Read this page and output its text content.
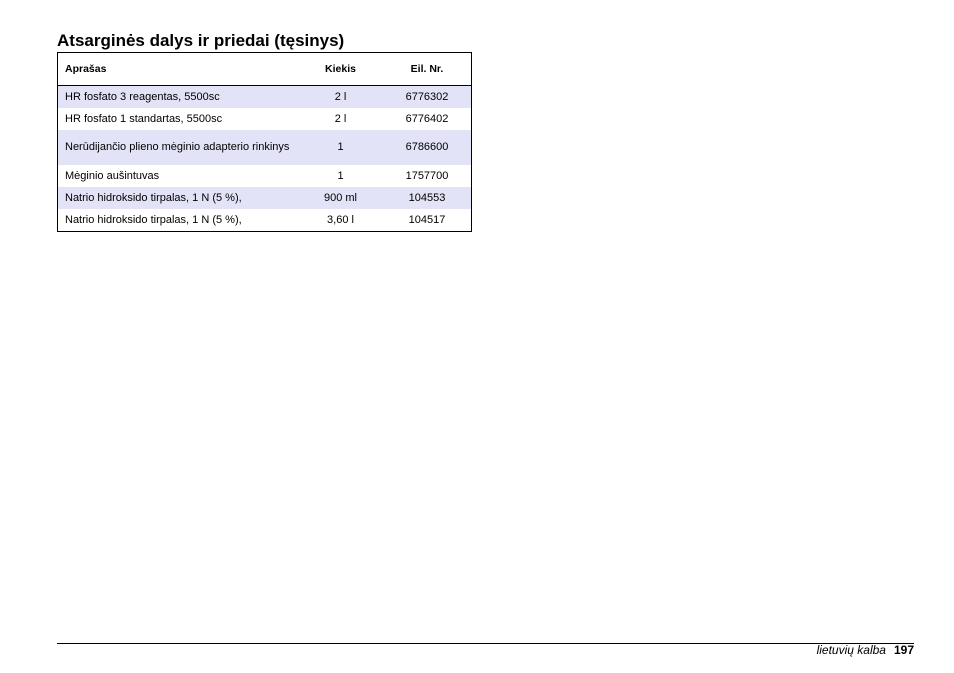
Atsarginės dalys ir priedai (tęsinys)
Aprašas	Kiekis	Eil. Nr.
HR fosfato 3 reagentas, 5500sc	2 l	6776302
HR fosfato 1 standartas, 5500sc	2 l	6776402
Nerūdijančio plieno mėginio adapterio rinkinys	1	6786600
Mėginio aušintuvas	1	1757700
Natrio hidroksido tirpalas, 1 N (5 %),	900 ml	104553
Natrio hidroksido tirpalas, 1 N (5 %),	3,60 l	104517
lietuvių kalba 197
